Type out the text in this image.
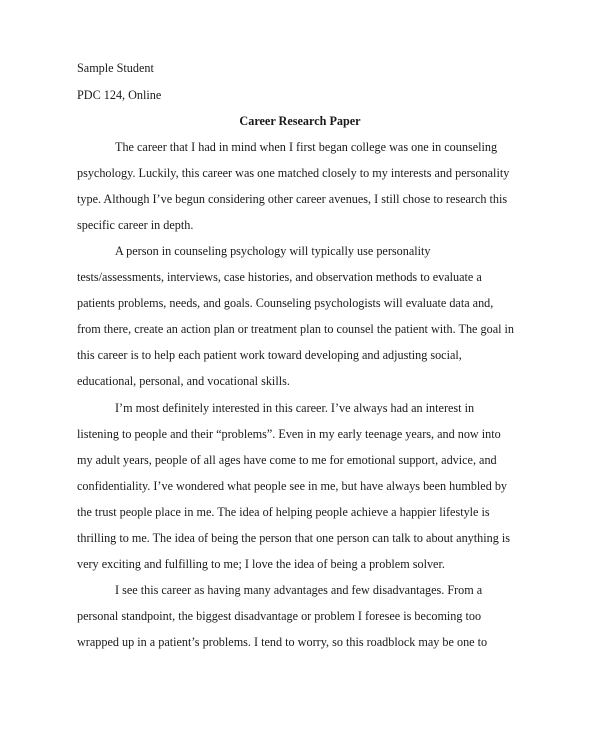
Sample Student
PDC 124, Online
Career Research Paper
The career that I had in mind when I first began college was one in counseling
psychology. Luckily, this career was one matched closely to my interests and personality
type. Although I’ve begun considering other career avenues, I still chose to research this
specific career in depth.
A person in counseling psychology will typically use personality
tests/assessments, interviews, case histories, and observation methods to evaluate a
patients problems, needs, and goals. Counseling psychologists will evaluate data and,
from there, create an action plan or treatment plan to counsel the patient with. The goal in
this career is to help each patient work toward developing and adjusting social,
educational, personal, and vocational skills.
I’m most definitely interested in this career. I’ve always had an interest in
listening to people and their “problems”. Even in my early teenage years, and now into
my adult years, people of all ages have come to me for emotional support, advice, and
confidentiality. I’ve wondered what people see in me, but have always been humbled by
the trust people place in me. The idea of helping people achieve a happier lifestyle is
thrilling to me. The idea of being the person that one person can talk to about anything is
very exciting and fulfilling to me; I love the idea of being a problem solver.
I see this career as having many advantages and few disadvantages. From a
personal standpoint, the biggest disadvantage or problem I foresee is becoming too
wrapped up in a patient’s problems. I tend to worry, so this roadblock may be one to
